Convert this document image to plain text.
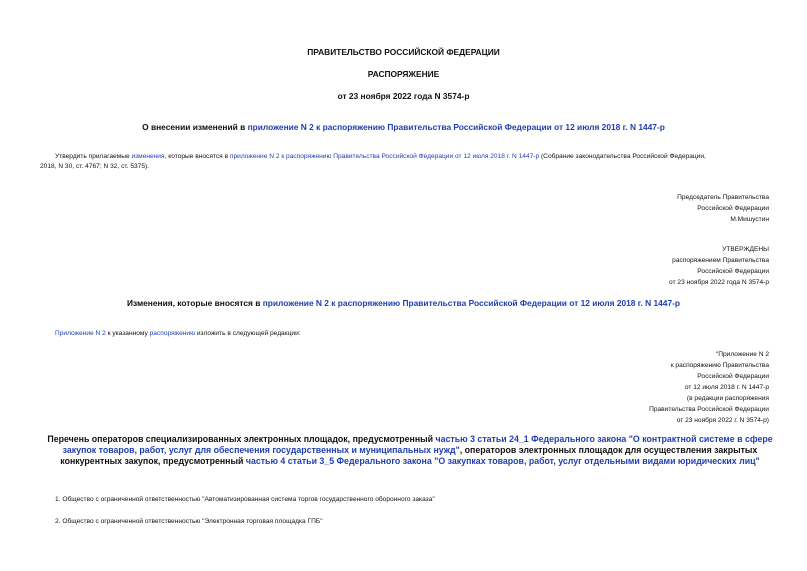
ПРАВИТЕЛЬСТВО РОССИЙСКОЙ ФЕДЕРАЦИИ
РАСПОРЯЖЕНИЕ
от 23 ноября 2022 года N 3574-р
О внесении изменений в приложение N 2 к распоряжению Правительства Российской Федерации от 12 июля 2018 г. N 1447-р
Утвердить прилагаемые изменения, которые вносятся в приложение N 2 к распоряжению Правительства Российской Федерации от 12 июля 2018 г. N 1447-р (Собрание законодательства Российской Федерации,
2018, N 30, ст. 4767; N 32, ст. 5375).
Председатель Правительства
Российской Федерации
М.Мишустин
УТВЕРЖДЕНЫ
распоряжением Правительства
Российской Федерации
от 23 ноября 2022 года N 3574-р
Изменения, которые вносятся в приложение N 2 к распоряжению Правительства Российской Федерации от 12 июля 2018 г. N 1447-р
Приложение N 2 к указанному распоряжению изложить в следующей редакции:
"Приложение N 2
к распоряжению Правительства
Российской Федерации
от 12 июля 2018 г. N 1447-р
(в редакции распоряжения
Правительства Российской Федерации
от 23 ноября 2022 г. N 3574-р)
Перечень операторов специализированных электронных площадок, предусмотренный частью 3 статьи 24_1 Федерального закона "О контрактной системе в сфере закупок товаров, работ, услуг для обеспечения государственных и муниципальных нужд", операторов электронных площадок для осуществления закрытых конкурентных закупок, предусмотренный частью 4 статьи 3_5 Федерального закона "О закупках товаров, работ, услуг отдельными видами юридических лиц"
1. Общество с ограниченной ответственностью "Автоматизированная система торгов государственного оборонного заказа"
2. Общество с ограниченной ответственностью "Электронная торговая площадка ГПБ"
